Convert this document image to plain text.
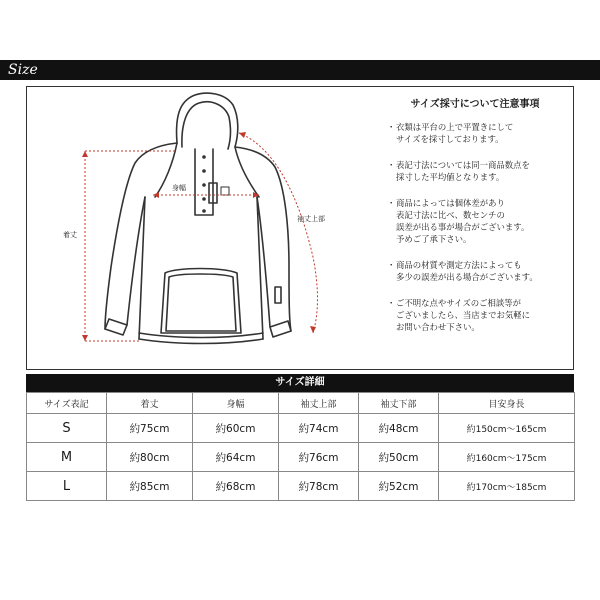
Size
着丈
身幅
袖丈上部
サイズ採寸について注意事項
・ 衣類は平台の上で平置きにして
サイズを採寸しております。
・ 表記寸法については同一商品数点を
採寸した平均値となります。
・ 商品によっては個体差があり
表記寸法に比べ、数センチの
誤差が出る事が場合がございます。
予めご了承下さい。
・ 商品の材質や測定方法によっても
多少の誤差が出る場合がございます。
・ ご不明な点やサイズのご相談等が
ございましたら、当店までお気軽に
お問い合わせ下さい。
サイズ詳細
サイズ表記	着丈	身幅	袖丈上部	袖丈下部	目安身長
S	約75cm	約60cm	約74cm	約48cm	約150cm～165cm
M	約80cm	約64cm	約76cm	約50cm	約160cm～175cm
L	約85cm	約68cm	約78cm	約52cm	約170cm～185cm
